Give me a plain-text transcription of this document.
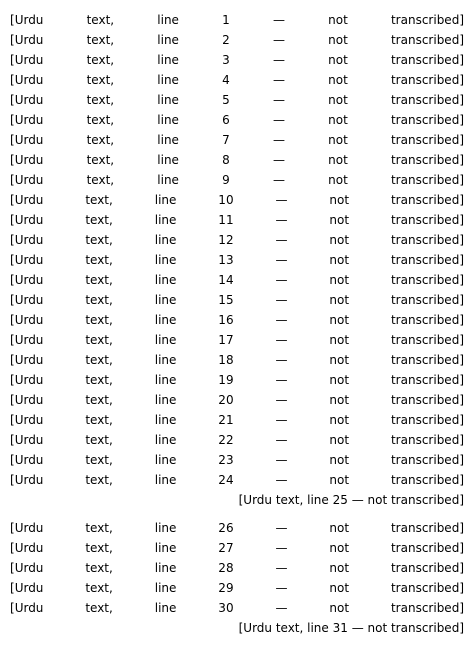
[Urdu text, line 1 — not transcribed]
[Urdu text, line 2 — not transcribed]
[Urdu text, line 3 — not transcribed]
[Urdu text, line 4 — not transcribed]
[Urdu text, line 5 — not transcribed]
[Urdu text, line 6 — not transcribed]
[Urdu text, line 7 — not transcribed]
[Urdu text, line 8 — not transcribed]
[Urdu text, line 9 — not transcribed]
[Urdu text, line 10 — not transcribed]
[Urdu text, line 11 — not transcribed]
[Urdu text, line 12 — not transcribed]
[Urdu text, line 13 — not transcribed]
[Urdu text, line 14 — not transcribed]
[Urdu text, line 15 — not transcribed]
[Urdu text, line 16 — not transcribed]
[Urdu text, line 17 — not transcribed]
[Urdu text, line 18 — not transcribed]
[Urdu text, line 19 — not transcribed]
[Urdu text, line 20 — not transcribed]
[Urdu text, line 21 — not transcribed]
[Urdu text, line 22 — not transcribed]
[Urdu text, line 23 — not transcribed]
[Urdu text, line 24 — not transcribed]
[Urdu text, line 25 — not transcribed]

[Urdu text, line 26 — not transcribed]
[Urdu text, line 27 — not transcribed]
[Urdu text, line 28 — not transcribed]
[Urdu text, line 29 — not transcribed]
[Urdu text, line 30 — not transcribed]
[Urdu text, line 31 — not transcribed]
